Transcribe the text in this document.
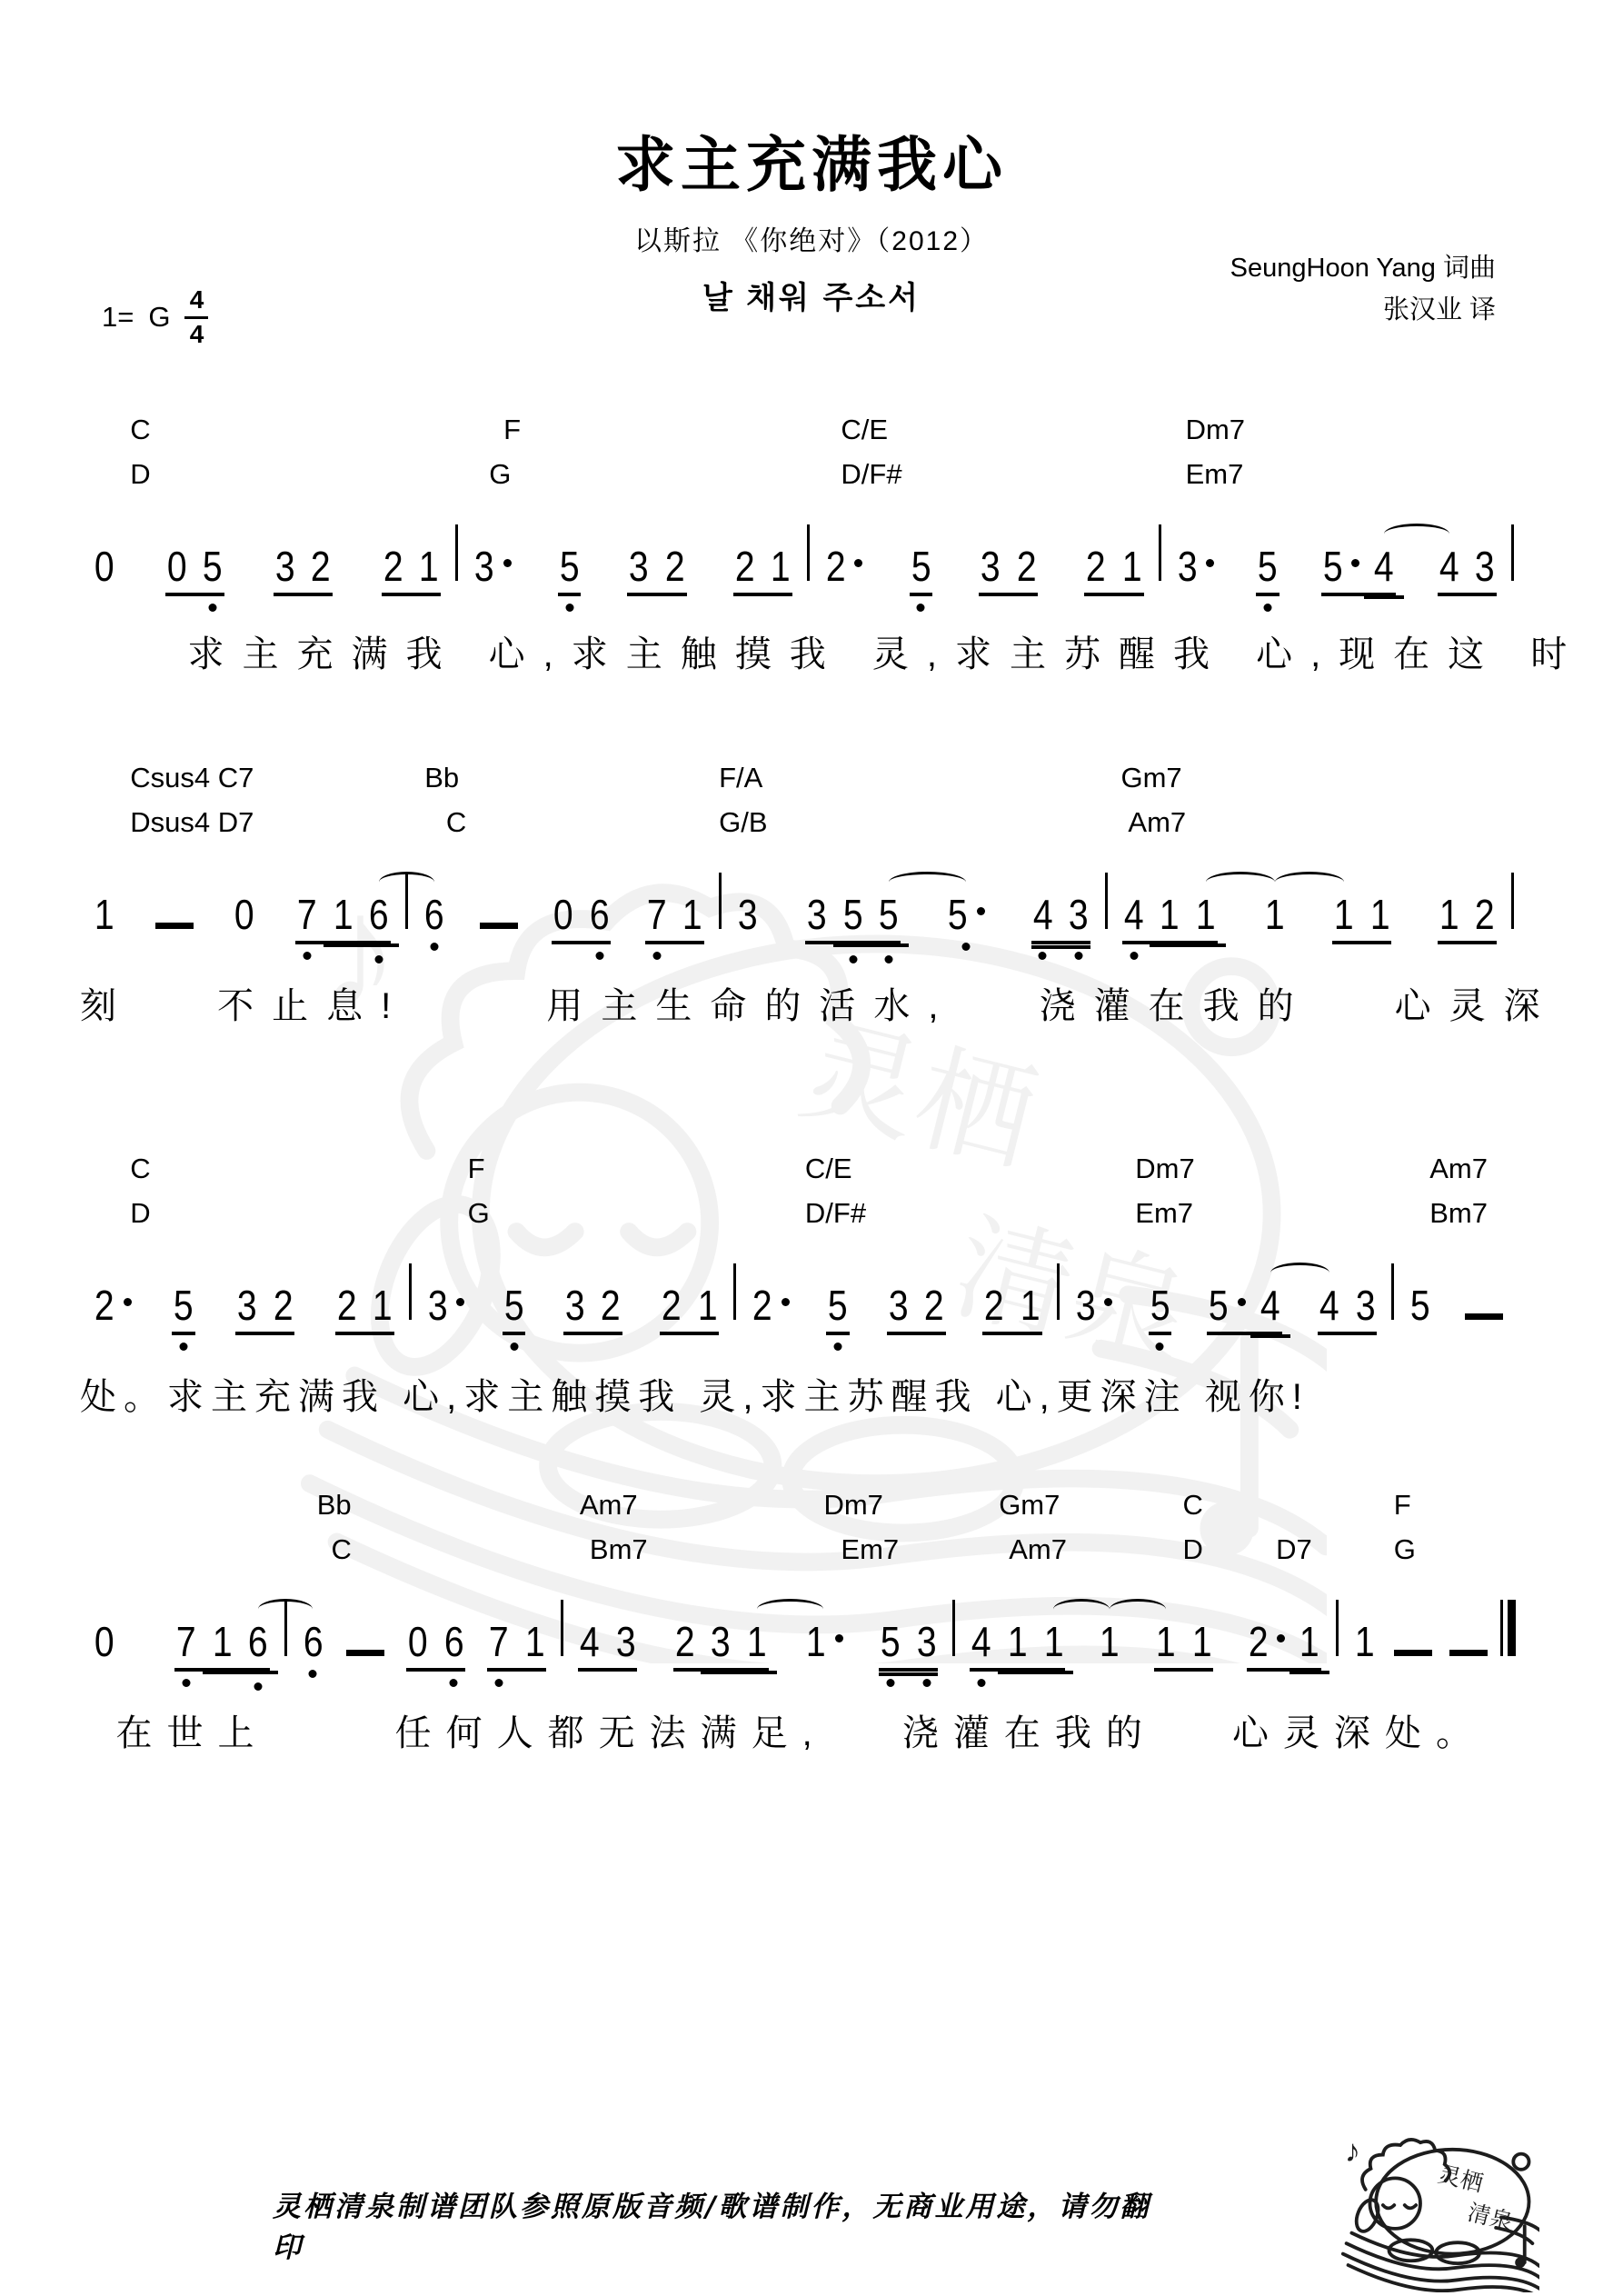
求主充满我心
以斯拉 《你绝对》（2012）
날 채워 주소서
SeungHoon Yang 词曲
张汉业 译
1= G $\frac{4}{4}$
C	F	C/E	Dm7
D	G	D/F#	Em7
0 0 5 3 2 2 1 3	5 3 2 2 1 2	5 3 2 2 1 3	5 5 4 4 3
求主充满我 心,求主触摸我 灵,求主苏醒我 心,现在这 时
Csus4 C7	Bb	F/A	Gm7
Dsus4 D7	C	G/B	Am7
1	0 7 1 6 6	0 6 7 1 3 3 5 5 5	4 3 4 1 1 1 1 1 1 2
刻　 不止息!　　 用主生命的活水,　 浇灌在我的　 心灵深
C	F	C/E	Dm7	Am7
D	G	D/F#	Em7	Bm7
2	5 3 2 2 1 3	5 3 2 2 1 2	5 3 2 2 1 3	5 5 4 4 3 5
处。求主充满我 心,求主触摸我 灵,求主苏醒我 心,更深注 视你!
Bb	Am7	Dm7	Gm7	C	F
C	Bm7	Em7	Am7	D	D7	G
0 7 1 6 6 0 6 7 1 4 3 2 3 1 1	5 3 4 1 1 1 1 1 2 1 1
在世上　　 任何人都无法满足,　 浇灌在我的　 心灵深处。
灵栖清泉制谱团队参照原版音频/歌谱制作，无商业用途，请勿翻印
